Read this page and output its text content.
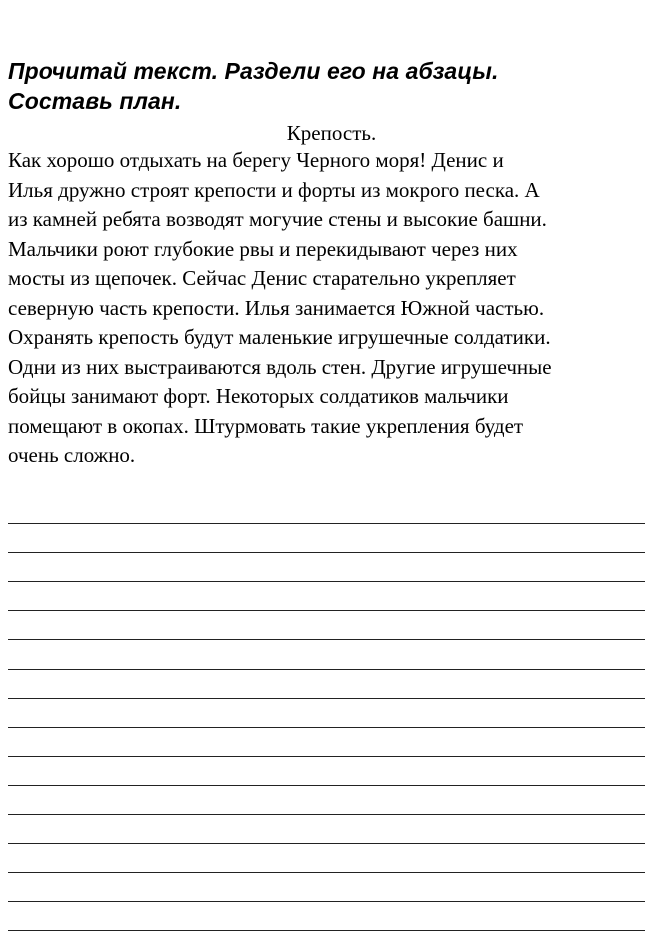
Прочитай текст. Раздели его на абзацы.
Составь план.
Крепость.
Как хорошо отдыхать на берегу Черного моря! Денис и
Илья дружно строят крепости и форты из мокрого песка. А
из камней ребята возводят могучие стены и высокие башни.
Мальчики роют глубокие рвы и перекидывают через них
мосты из щепочек. Сейчас Денис старательно укрепляет
северную часть крепости. Илья занимается Южной частью.
Охранять крепость будут маленькие игрушечные солдатики.
Одни из них выстраиваются вдоль стен. Другие игрушечные
бойцы занимают форт. Некоторых солдатиков мальчики
помещают в окопах. Штурмовать такие укрепления будет
очень сложно.
